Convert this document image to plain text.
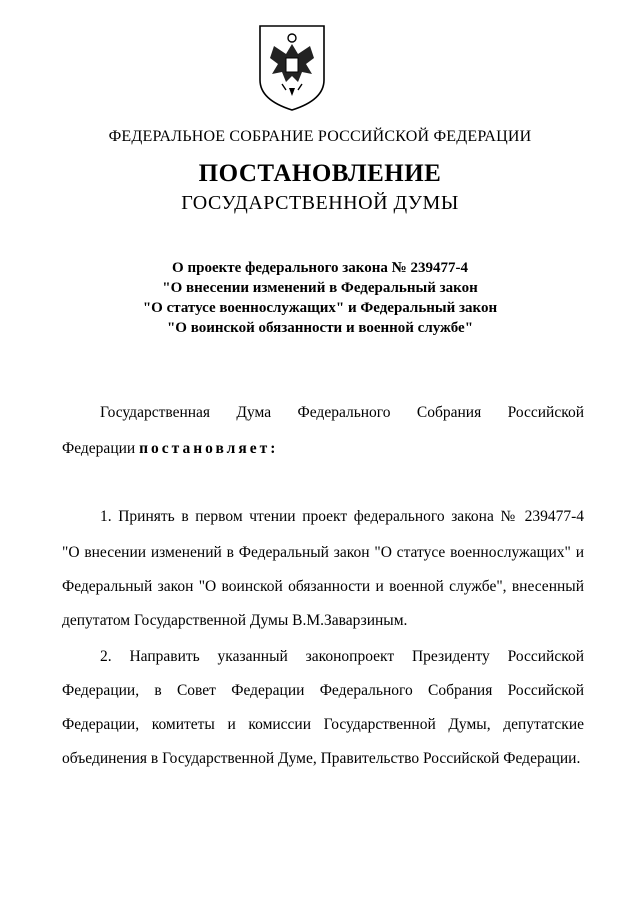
ФЕДЕРАЛЬНОЕ СОБРАНИЕ РОССИЙСКОЙ ФЕДЕРАЦИИ
ПОСТАНОВЛЕНИЕ
ГОСУДАРСТВЕННОЙ ДУМЫ
О проекте федерального закона № 239477-4
"О внесении изменений в Федеральный закон
"О статусе военнослужащих" и Федеральный закон
"О воинской обязанности и военной службе"
Государственная Дума Федерального Собрания Российской
Федерации постановляет:
1. Принять в первом чтении проект федерального закона № 239477-4
"О внесении изменений в Федеральный закон "О статусе военнослужащих" и
Федеральный закон "О воинской обязанности и военной службе", внесенный
депутатом Государственной Думы В.М.Заварзиным.
2. Направить указанный законопроект Президенту Российской
Федерации, в Совет Федерации Федерального Собрания Российской
Федерации, комитеты и комиссии Государственной Думы, депутатские
объединения в Государственной Думе, Правительство Российской Федерации.
